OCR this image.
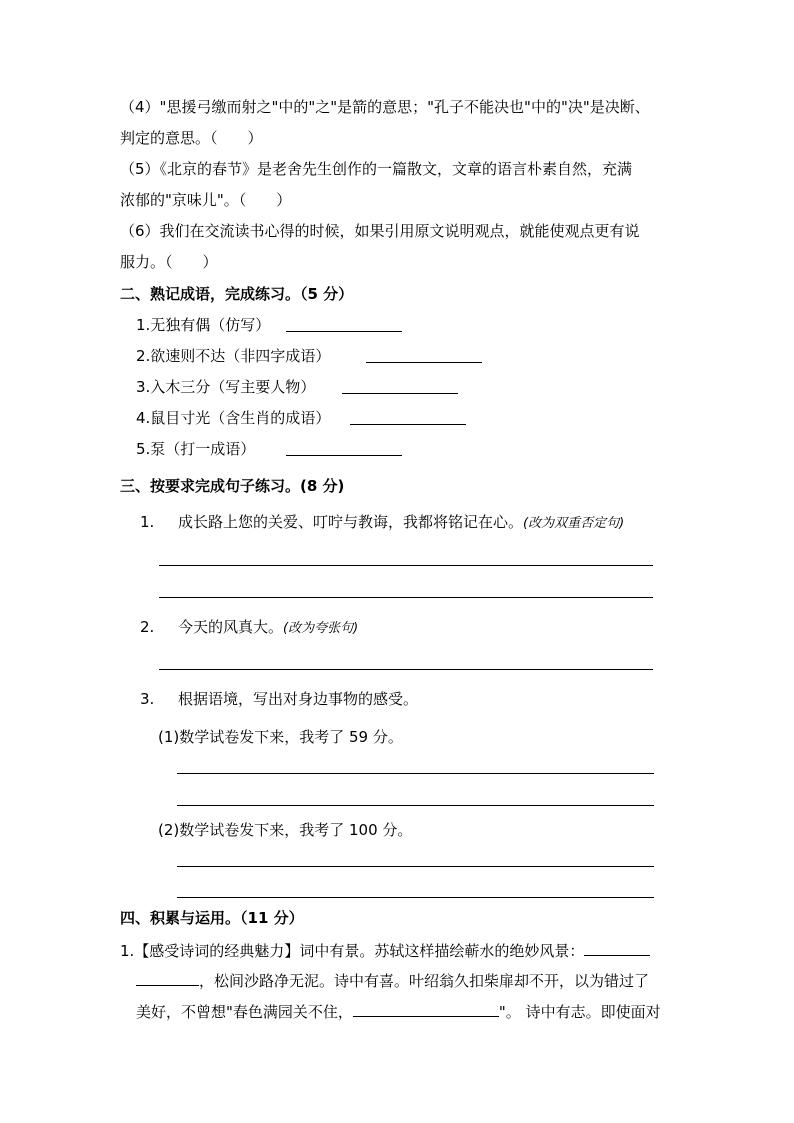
（4）"思援弓缴而射之"中的"之"是箭的意思；"孔子不能决也"中的"决"是决断、
判定的意思。（　　）
（5）《北京的春节》是老舍先生创作的一篇散文，文章的语言朴素自然，充满
浓郁的"京味儿"。（　　）
（6）我们在交流读书心得的时候，如果引用原文说明观点，就能使观点更有说
服力。（　　）
二、熟记成语，完成练习。（5 分）
1.无独有偶（仿写）
2.欲速则不达（非四字成语）
3.入木三分（写主要人物）
4.鼠目寸光（含生肖的成语）
5.泵（打一成语）
三、按要求完成句子练习。(8 分)
1. 成长路上您的关爱、叮咛与教诲，我都将铭记在心。(改为双重否定句)
2. 今天的风真大。(改为夸张句)
3. 根据语境，写出对身边事物的感受。
(1)数学试卷发下来，我考了 59 分。
(2)数学试卷发下来，我考了 100 分。
四、积累与运用。（11 分）
1.【感受诗词的经典魅力】词中有景。苏轼这样描绘蕲水的绝妙风景：
，松间沙路净无泥。诗中有喜。叶绍翁久扣柴扉却不开，以为错过了
美好，不曾想"春色满园关不住，	"。 诗中有志。即使面对
